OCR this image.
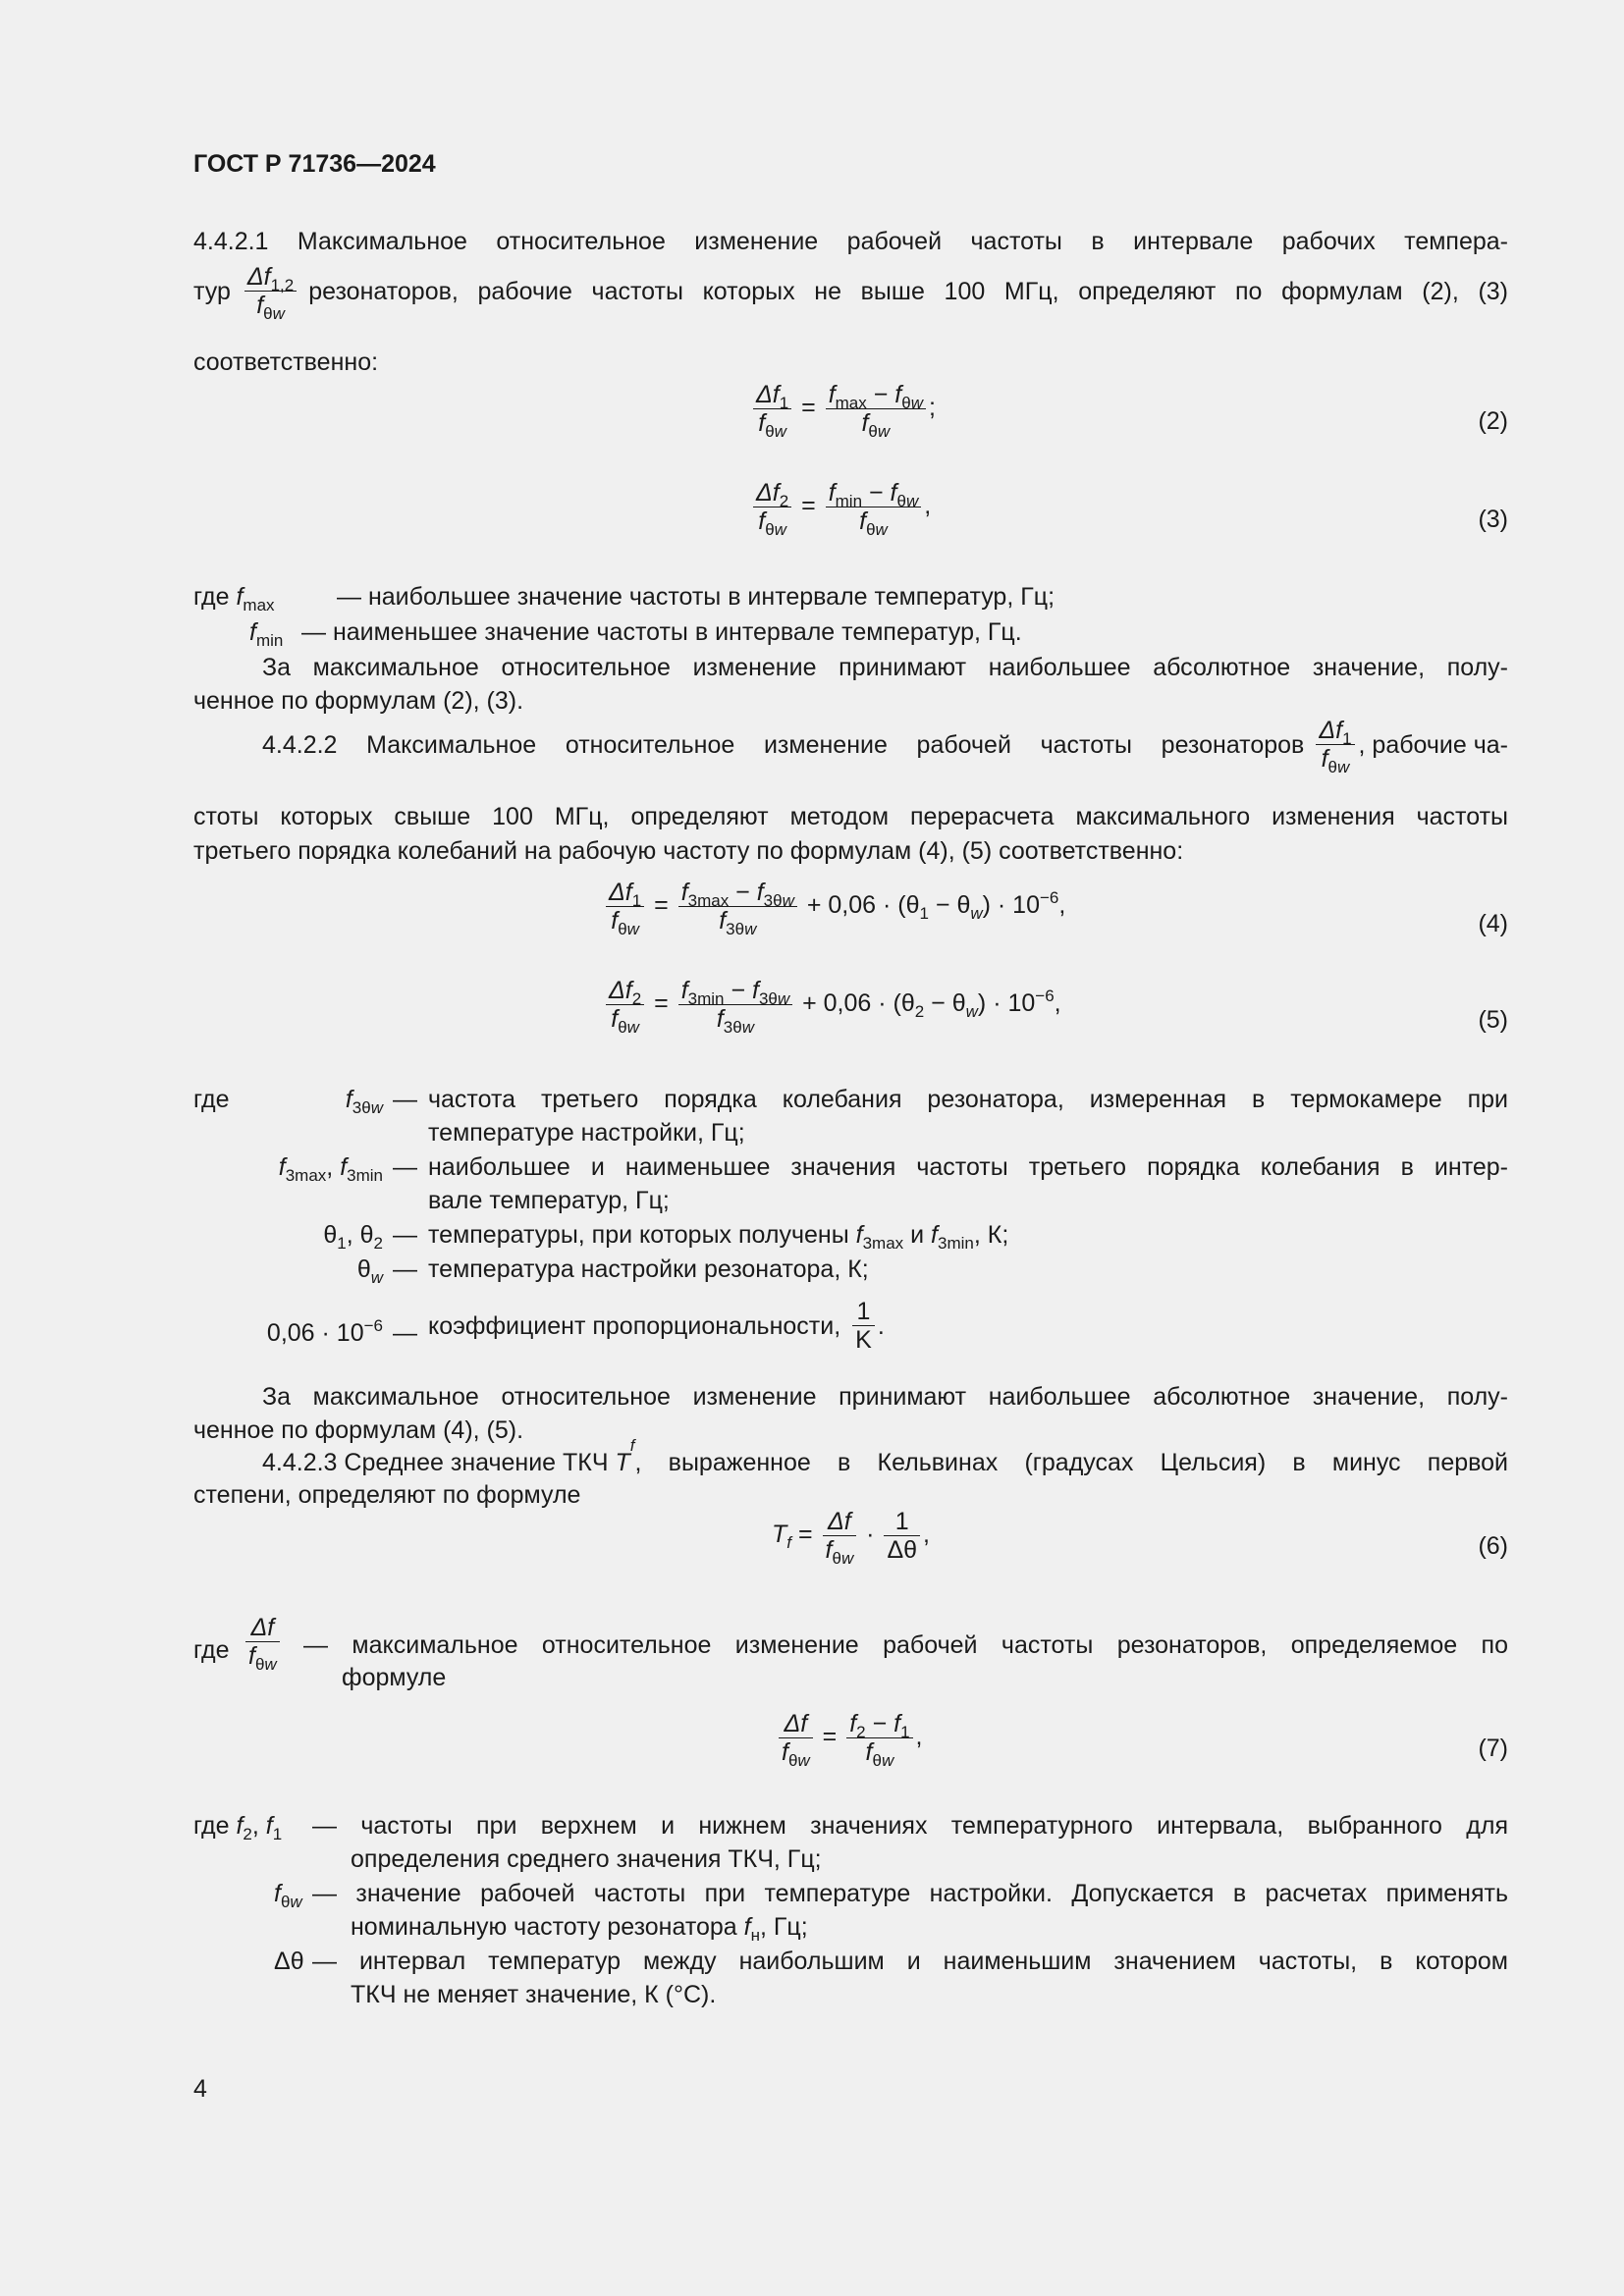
ГОСТ Р 71736—2024
4.4.2.1 Максимальное относительное изменение рабочей частоты в интервале рабочих темпера-
тур $\frac{\Delta f_{1,2}}{f_{\theta w}}$ резонаторов, рабочие частоты которых не выше 100 МГц, определяют по формулам (2), (3)
соответственно:
$\frac{\Delta f_1}{f_{\theta w}} = \frac{f_{max} - f_{\theta w}}{f_{\theta w}}$ ;	(2)
$\frac{\Delta f_2}{f_{\theta w}} = \frac{f_{min} - f_{\theta w}}{f_{\theta w}}$ ,	(3)
где $f_{max}$	— наибольшее значение частоты в интервале температур, Гц;
$f_{min}$ — наименьшее значение частоты в интервале температур, Гц.
За максимальное относительное изменение принимают наибольшее абсолютное значение, полу-
ченное по формулам (2), (3).
4.4.2.2 Максимальное относительное изменение рабочей частоты резонаторов $\frac{\Delta f_1}{f_{\theta w}}$ , рабочие ча-
стоты которых свыше 100 МГц, определяют методом перерасчета максимального изменения частоты
третьего порядка колебаний на рабочую частоту по формулам (4), (5) соответственно:
$\frac{\Delta f_1}{f_{\theta w}} = \frac{f_{3max} - f_{3\theta w}}{f_{3\theta w}} + 0,06 \cdot (\theta_1 - \theta_w) \cdot 10^{-6}$,
(4)
$\frac{\Delta f_2}{f_{\theta w}} = \frac{f_{3min} - f_{3\theta w}}{f_{3\theta w}} + 0,06 \cdot (\theta_2 - \theta_w) \cdot 10^{-6}$,
(5)
где	$f_{3\theta w}$ — частота третьего порядка колебания резонатора, измеренная в термокамере при
температуре настройки, Гц;
$f_{3max}$, $f_{3min}$ — наибольшее и наименьшее значения частоты третьего порядка колебания в интер-
вале температур, Гц;
$\theta_1$, $\theta_2$ — температуры, при которых получены $f_{3max}$ и $f_{3min}$, К;
$\theta_w$ — температура настройки резонатора, К;
$0,06 \cdot 10^{-6}$ — коэффициент пропорциональности, $\frac{1}{K}$ .
За максимальное относительное изменение принимают наибольшее абсолютное значение, полу-
ченное по формулам (4), (5).
4.4.2.3 Среднее значение ТКЧ
T
f
, выраженное в Кельвинах (градусах Цельсия) в минус первой
степени, определяют по формуле
$T_f = \frac{\Delta f}{f_{\theta w}} \cdot \frac{1}{\Delta\theta}$ ,	(6)
где $\frac{\Delta f}{f_{\theta w}}$ — максимальное относительное изменение рабочей частоты резонаторов, определяемое по
формуле
$\frac{\Delta f}{f_{\theta w}} = \frac{f_2 - f_1}{f_{\theta w}}$ ,	(7)
где $f_2$, $f_1$ — частоты при верхнем и нижнем значениях температурного интервала, выбранного для
определения среднего значения ТКЧ, Гц;
$f_{\theta w}$ — значение рабочей частоты при температуре настройки. Допускается в расчетах применять
номинальную частоту резонатора $f_н$, Гц;
Δθ — интервал температур между наибольшим и наименьшим значением частоты, в котором
ТКЧ не меняет значение, К (°С).
4
